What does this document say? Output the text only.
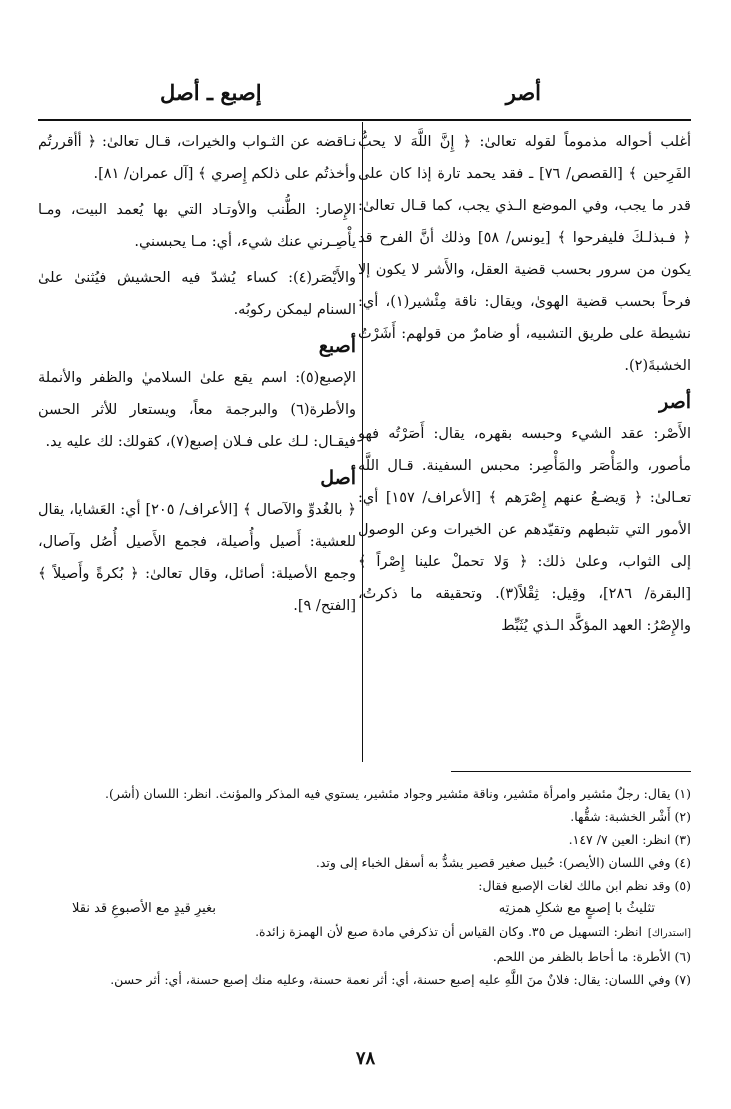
أصر
إصبع ـ أصل

أغلب أحواله مذموماً لقوله تعالىٰ: ﴿ إِنَّ اللَّهَ لا يحبُّ الفَرِحين ﴾ [القصص/ ٧٦] ـ فقد يحمد تارة إذا كان على قدر ما يجب، وفي الموضع الـذي يجب، كما قـال تعالىٰ: ﴿ فـبذلـكَ فليفرحوا ﴾ [يونس/ ٥٨] وذلك أنَّ الفرح قد يكون من سرور بحسب قضية العقل، والأَشر لا يكون إلا فرحاً بحسب قضية الهوىٰ، ويقال: ناقة مِئْشير(١)، أي: نشيطة على طريق التشبيه، أو ضامرٌ من قولهم: أَشَرْتُ الخشبةَ(٢).

أصر

الأَصْر: عقد الشيء وحبسه بقهره، يقال: أَصَرْتُه فهو مأصور، والمَأْصَر والمَأْصِر: محبس السفينة. قـال اللَّه تعـالىٰ: ﴿ وَيضـعُ عنهم إِصْرَهم ﴾ [الأعراف/ ١٥٧] أي: الأمور التي تثبطهم وتقيّدهم عن الخيرات وعن الوصول إلى الثواب، وعلىٰ ذلك: ﴿ وَلا تحملْ علينا إِصْراً ﴾ [البقرة/ ٢٨٦]، وقِيل: ثِقْلاً(٣). وتحقيقه ما ذكرتُ، والإِصْرُ: العهد المؤكَّد الـذي يُثَبِّط

نـاقضه عن الثـواب والخيرات، قـال تعالىٰ: ﴿ أأقررتُم وأخذتُم على ذلكم إِصري ﴾ [آل عمران/ ٨١].

الإِصار: الطُّنب والأوتـاد التي بها يُعمد البيت، ومـا يأْصِـرني عنك شيء، أي: مـا يحبسني.

والأَيْصَر(٤): كساء يُشدّ فيه الحشيش فيُثنىٰ علىٰ السنام ليمكن ركوبُه.

أصبع

الإصبع(٥): اسم يقع علىٰ السلاميٰ والظفر والأنملة والأطرة(٦) والبرجمة معاً، ويستعار للأثر الحسن فيقـال: لـك على فـلان إصبع(٧)، كقولك: لك عليه يد.

أصل

﴿ بالغُدوِّ والآصال ﴾ [الأعراف/ ٢٠٥] أي: العَشايا، يقال للعشية: أَصيل وأُصيلة، فجمع الأَصيل أُصُل وآصال، وجمع الأصيلة: أصائل، وقال تعالىٰ: ﴿ بُكرةً وأَصيلاً ﴾ [الفتح/ ٩].

(١) يقال: رجلٌ مئشير وامرأة مئشير، وناقة مئشير وجواد مئشير، يستوي فيه المذكر والمؤنث. انظر: اللسان (أشر).

(٢) أَشْر الخشبة: شقُّها.

(٣) انظر: العين ٧/ ١٤٧.

(٤) وفي اللسان (الأيصر): حُبيل صغير قصير يشدُّ به أسفل الخباء إلى وتد.

(٥) وقد نظم ابن مالك لغات الإصبع فقال:

تثليثُ با إصبعٍ مع شكلِ همزتِه
بغيرِ قيدٍ مع الأصبوعِ قد نقلا

[استدراك]انظر: التسهيل ص ٣٥. وكان القياس أن تذكرفي مادة صبع لأن الهمزة زائدة.

(٦) الأطرة: ما أحاط بالظفر من اللحم.

(٧) وفي اللسان: يقال: فلانٌ منَ اللَّهِ عليه إصبع حسنة، أي: أثر نعمة حسنة، وعليه منك إصبع حسنة، أي: أثر حسن.

٧٨
